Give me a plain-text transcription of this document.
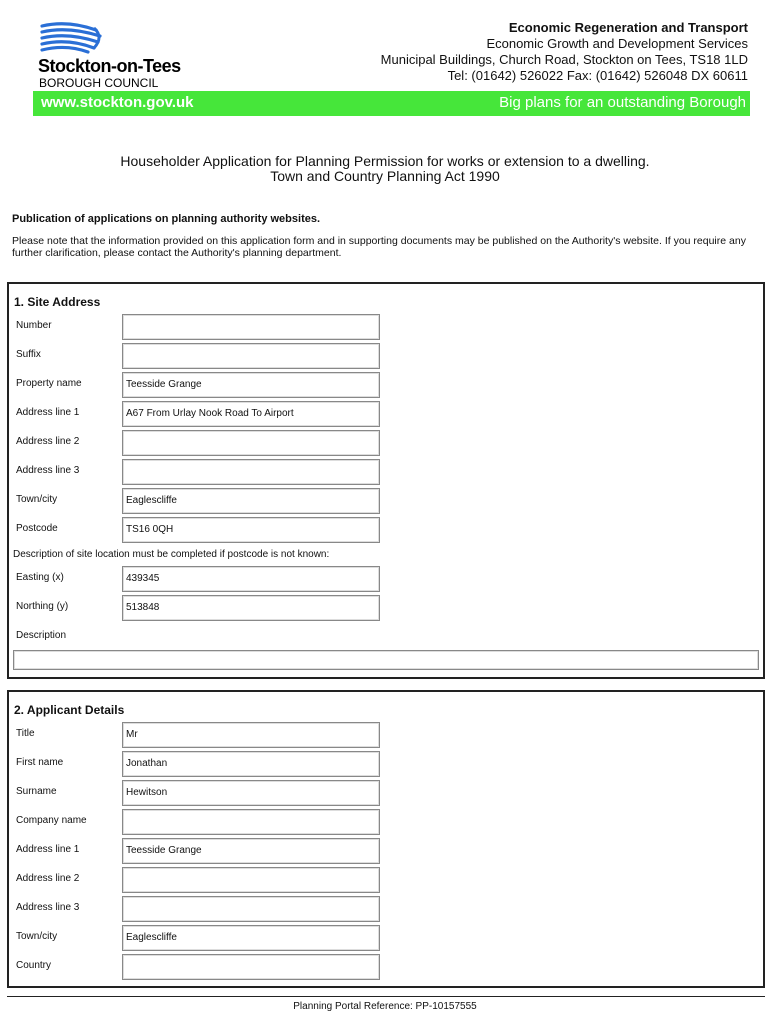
Stockton-on-Tees
BOROUGH COUNCIL
Economic Regeneration and Transport
Economic Growth and Development Services
Municipal Buildings, Church Road, Stockton on Tees, TS18 1LD
Tel: (01642) 526022 Fax: (01642) 526048 DX 60611
www.stockton.gov.uk	Big plans for an outstanding Borough
Householder Application for Planning Permission for works or extension to a dwelling.
Town and Country Planning Act 1990
Publication of applications on planning authority websites.
Please note that the information provided on this application form and in supporting documents may be published on the Authority's website. If you require any further clarification, please contact the Authority's planning department.
1. Site Address
Number
Suffix
Property name	Teesside Grange
Address line 1	A67 From Urlay Nook Road To Airport
Address line 2
Address line 3
Town/city	Eaglescliffe
Postcode	TS16 0QH
Description of site location must be completed if postcode is not known:
Easting (x)	439345
Northing (y)	513848
Description
2. Applicant Details
Title	Mr
First name	Jonathan
Surname	Hewitson
Company name
Address line 1	Teesside Grange
Address line 2
Address line 3
Town/city	Eaglescliffe
Country
Planning Portal Reference: PP-10157555
